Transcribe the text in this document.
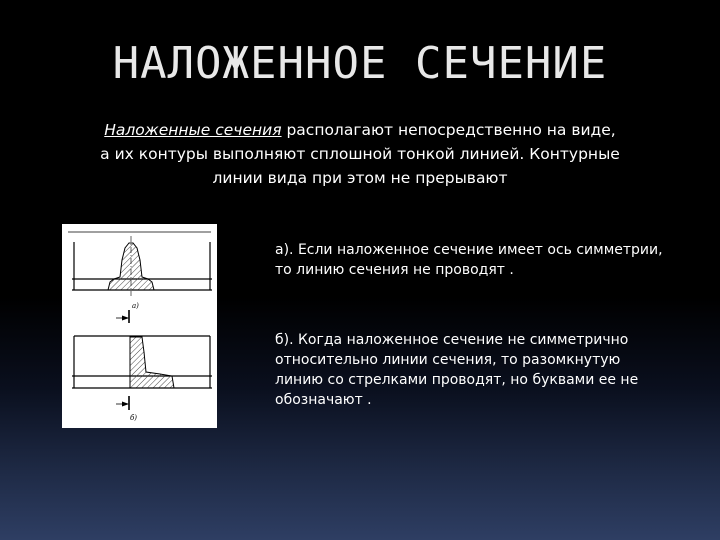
НАЛОЖЕННОЕ СЕЧЕНИЕ
Наложенные сечения располагают непосредственно на виде, а их контуры выполняют сплошной тонкой линией. Контурные линии вида при этом не прерывают
а)
б)
а). Если наложенное сечение имеет ось симметрии, то линию сечения не проводят .
б). Когда наложенное сечение не симметрично относительно линии сечения, то разомкнутую линию со стрелками проводят, но буквами ее не обозначают .
